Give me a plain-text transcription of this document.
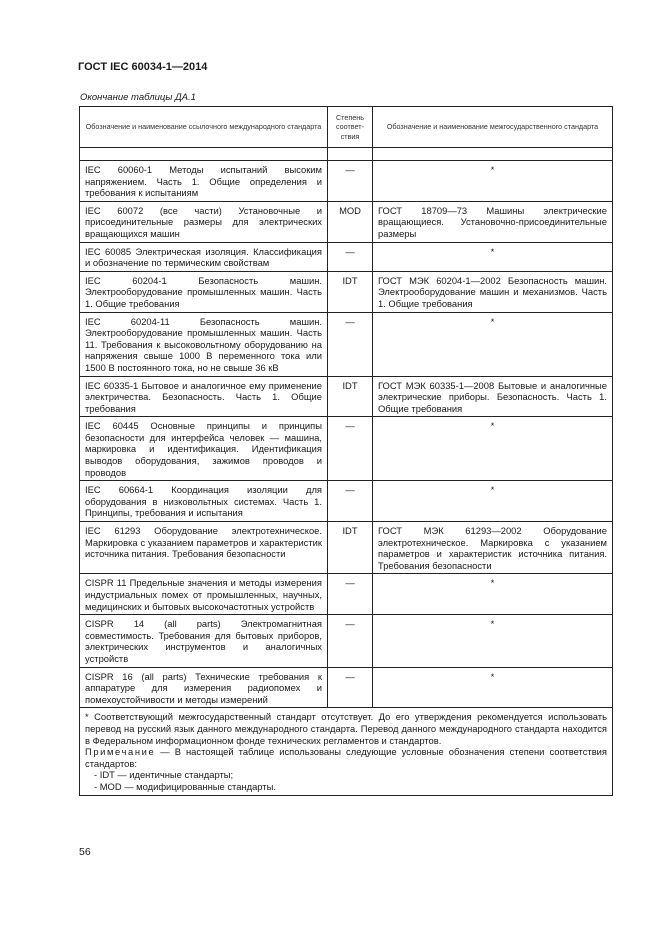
ГОСТ IEC 60034-1—2014
Окончание таблицы ДА.1
Обозначение и наименование ссылочного международного стандарта	Степень соответ-ствия	Обозначение и наименование межгосударственного стандарта

IEC 60060-1 Методы испытаний высоким напряжением. Часть 1. Общие определения и требования к испытаниям	—	*
IEC 60072 (все части) Установочные и присоединительные размеры для электрических вращающихся машин	MOD	ГОСТ 18709—73 Машины электрические вращающиеся. Установочно-присоединительные размеры
IEC 60085 Электрическая изоляция. Классификация и обозначение по термическим свойствам	—	*
IEC 60204-1 Безопасность машин. Электрооборудование промышленных машин. Часть 1. Общие требования	IDT	ГОСТ МЭК 60204-1—2002 Безопасность машин. Электрооборудование машин и механизмов. Часть 1. Общие требования
IEC 60204-11 Безопасность машин. Электрооборудование промышленных машин. Часть 11. Требования к высоковольтному оборудованию на напряжения свыше 1000 В переменного тока или 1500 В постоянного тока, но не свыше 36 кВ	—	*
IEC 60335-1 Бытовое и аналогичное ему применение электричества. Безопасность. Часть 1. Общие требования	IDT	ГОСТ МЭК 60335-1—2008 Бытовые и аналогичные электрические приборы. Безопасность. Часть 1. Общие требования
IEC 60445 Основные принципы и принципы безопасности для интерфейса человек — машина, маркировка и идентификация. Идентификация выводов оборудования, зажимов проводов и проводов	—	*
IEC 60664-1 Координация изоляции для оборудования в низковольтных системах. Часть 1. Принципы, требования и испытания	—	*
IEC 61293 Оборудование электротехническое. Маркировка с указанием параметров и характеристик источника питания. Требования безопасности	IDT	ГОСТ МЭК 61293—2002 Оборудование электротехническое. Маркировка с указанием параметров и характеристик источника питания. Требования безопасности
CISPR 11 Предельные значения и методы измерения индустриальных помех от промышленных, научных, медицинских и бытовых высокочастотных устройств	—	*
CISPR 14 (all parts) Электромагнитная совместимость. Требования для бытовых приборов, электрических инструментов и аналогичных устройств	—	*
CISPR 16 (all parts) Технические требования к аппаратуре для измерения радиопомех и помехоустойчивости и методы измерений	—	*

* Соответствующий межгосударственный стандарт отсутствует. До его утверждения рекомендуется использовать перевод на русский язык данного международного стандарта. Перевод данного международного стандарта находится в Федеральном информационном фонде технических регламентов и стандартов.

Примечание — В настоящей таблице использованы следующие условные обозначения степени соответствия стандартов:

- IDT — идентичные стандарты;

- MOD — модифицированные стандарты.		

56
